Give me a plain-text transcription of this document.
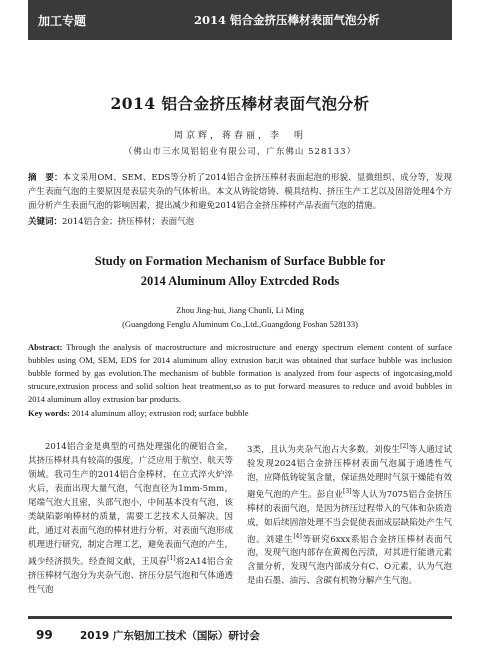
加工专题	2014 铝合金挤压棒材表面气泡分析
2014 铝合金挤压棒材表面气泡分析
周京辉，蒋春丽，李　明
（佛山市三水凤铝铝业有限公司，广东佛山 528133）
摘　要：本文采用OM、SEM、EDS等分析了2014铝合金挤压棒材表面起泡的形貌、显微组织、成分等，发现产生表面气泡的主要原因是表层夹杂的气体析出。本文从铸锭熔铸、模具结构、挤压生产工艺以及固溶处理4个方面分析产生表面气泡的影响因素，提出减少和避免2014铝合金挤压棒材产品表面气泡的措施。
关键词：2014铝合金；挤压棒材；表面气泡
Study on Formation Mechanism of Surface Bubble for
2014 Aluminum Alloy Extrcded Rods
Zhou Jing-hui, Jiang Chunli, Li Ming
(Guangdong Fenglu Aluminum Co.,Ltd.,Guangdong Foshan 528133)
Abstract: Through the analysis of macrostructure and microstructure and energy spectrum element content of surface bubbles using OM, SEM, EDS for 2014 aluminum alloy extrusion bar,it was obtained that surface bubble was inclusion bubble formed by gas evolution.The mechanism of bubble formation is analyzed from four aspects of ingotcasing,mold strucure,extrusion process and solid soltion heat treatment,so as to put forward measures to reduce and avoid bubbles in 2014 aluminum alloy extrusion bar products.
Key words: 2014 aluminum alloy; extrusion rod; surface bubble

2014铝合金是典型的可热处理强化的硬铝合金，其挤压棒材具有较高的强度，广泛应用于航空、航天等领域。我司生产的2014铝合金棒材，在立式淬火炉淬火后，表面出现大量气泡，气泡直径为1mm-5mm，尾端气泡大且密，头部气泡小，中间基本没有气泡，该类缺陷影响棒材的质量，需要工艺技术人员解决。因此，通过对表面气泡的棒材进行分析，对表面气泡形成机理进行研究，制定合理工艺，避免表面气泡的产生，减少经济损失。经查阅文献，王凤春[1]将2A14铝合金挤压棒材气泡分为夹杂气泡、挤压分层气泡和气体通透性气泡

3类，且认为夹杂气泡占大多数。刘俊生[2]等人通过试验发现2024铝合金挤压棒材表面气泡属于通透性气泡，应降低铸锭氢含量，保证热处理时气氛干燥能有效避免气泡的产生。彭自业[3]等人认为7075铝合金挤压棒材的表面气泡，是因为挤压过程带入的气体和杂质造成，如后续固溶处理不当会促使表面成层缺陷处产生气泡。刘建生[4]等研究6xxx系铝合金挤压棒材表面气泡，发现气泡内部存在黄褐色污渍，对其进行能谱元素含量分析，发现气泡内部成分有C、O元素，认为气泡是由石墨、油污、含碳有机物分解产生气泡。

99	2019 广东铝加工技术（国际）研讨会
